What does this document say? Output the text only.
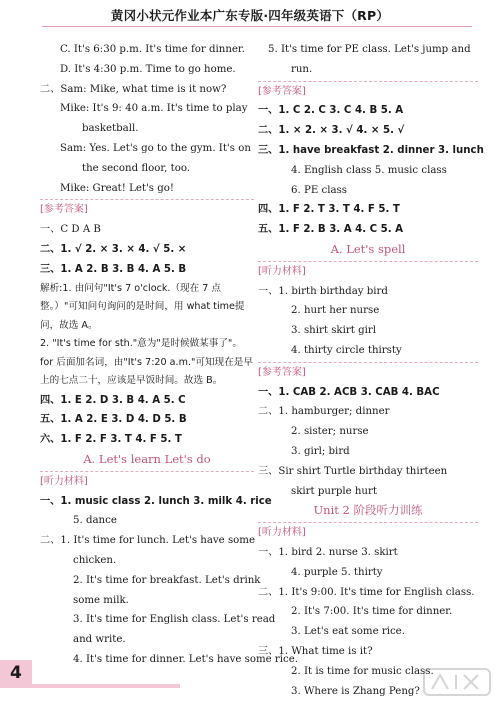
黄冈小状元作业本广东专版·四年级英语下（RP）
C. It's 6:30 p.m. It's time for dinner.
D. It's 4:30 p.m. Time to go home.
二、Sam: Mike, what time is it now?
Mike: It's 9: 40 a.m. It's time to play
basketball.
Sam: Yes. Let's go to the gym. It's on
the second floor, too.
Mike: Great! Let's go!
[参考答案]
一、C D A B
二、1. √ 2. × 3. × 4. √ 5. ×
三、1. A 2. B 3. B 4. A 5. B
解析:1. 由问句"It's 7 o'clock.（现在 7 点整。）"可知问句询问的是时间，用 what time提问，故选 A。
2. "It's time for sth."意为"是时候做某事了"。for 后面加名词，由"It's 7:20 a.m."可知现在是早上的七点二十，应该是早饭时间。故选 B。
四、1. E 2. D 3. B 4. A 5. C
五、1. A 2. E 3. D 4. D 5. B
六、1. F 2. F 3. T 4. F 5. T
A. Let's learn Let's do
[听力材料]
一、1. music class 2. lunch 3. milk 4. rice
5. dance
二、1. It's time for lunch. Let's have some
chicken.
2. It's time for breakfast. Let's drink
some milk.
3. It's time for English class. Let's read
and write.
4. It's time for dinner. Let's have some rice.
5. It's time for PE class. Let's jump and
run.
[参考答案]
一、1. C 2. C 3. C 4. B 5. A
二、1. × 2. × 3. √ 4. × 5. √
三、1. have breakfast 2. dinner 3. lunch
4. English class 5. music class
6. PE class
四、1. F 2. T 3. T 4. F 5. T
五、1. F 2. B 3. A 4. C 5. A
A. Let's spell
[听力材料]
一、1. birth birthday bird
2. hurt her nurse
3. shirt skirt girl
4. thirty circle thirsty
[参考答案]
一、1. CAB 2. ACB 3. CAB 4. BAC
二、1. hamburger; dinner
2. sister; nurse
3. girl; bird
三、Sir shirt Turtle birthday thirteen
skirt purple hurt
Unit 2 阶段听力训练
[听力材料]
一、1. bird 2. nurse 3. skirt
4. purple 5. thirty
二、1. It's 9:00. It's time for English class.
2. It's 7:00. It's time for dinner.
3. Let's eat some rice.
三、1. What time is it?
2. It is time for music class.
3. Where is Zhang Peng?
4
